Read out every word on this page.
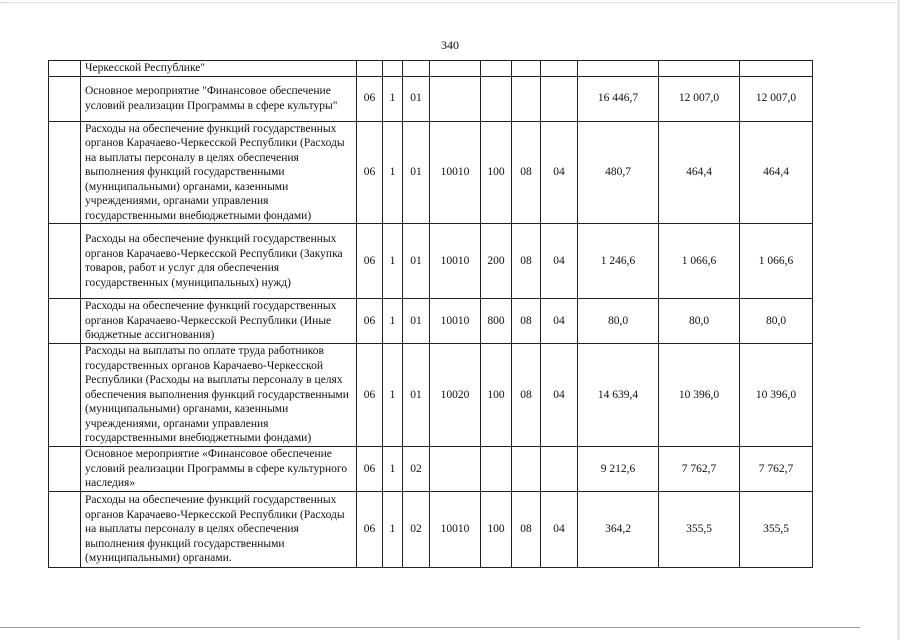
340
	Черкесской Республике"										
	Основное мероприятие "Финансовое обеспечение условий реализации Программы в сфере культуры"	06	1	01					16 446,7	12 007,0	12 007,0
	Расходы на обеспечение функций государственных органов Карачаево-Черкесской Республики (Расходы на выплаты персоналу в целях обеспечения выполнения функций государственными (муниципальными) органами, казенными учреждениями, органами управления государственными внебюджетными фондами)	06	1	01	10010	100	08	04	480,7	464,4	464,4
	Расходы на обеспечение функций государственных органов Карачаево-Черкесской Республики (Закупка товаров, работ и услуг для обеспечения государственных (муниципальных) нужд)	06	1	01	10010	200	08	04	1 246,6	1 066,6	1 066,6
	Расходы на обеспечение функций государственных органов Карачаево-Черкесской Республики (Иные бюджетные ассигнования)	06	1	01	10010	800	08	04	80,0	80,0	80,0
	Расходы на выплаты по оплате труда работников государственных органов Карачаево-Черкесской Республики (Расходы на выплаты персоналу в целях обеспечения выполнения функций государственными (муниципальными) органами, казенными учреждениями, органами управления государственными внебюджетными фондами)	06	1	01	10020	100	08	04	14 639,4	10 396,0	10 396,0
	Основное мероприятие «Финансовое обеспечение условий реализации Программы в сфере культурного наследия»	06	1	02					9 212,6	7 762,7	7 762,7
	Расходы на обеспечение функций государственных органов Карачаево-Черкесской Республики (Расходы на выплаты персоналу в целях обеспечения выполнения функций государственными (муниципальными) органами.	06	1	02	10010	100	08	04	364,2	355,5	355,5
